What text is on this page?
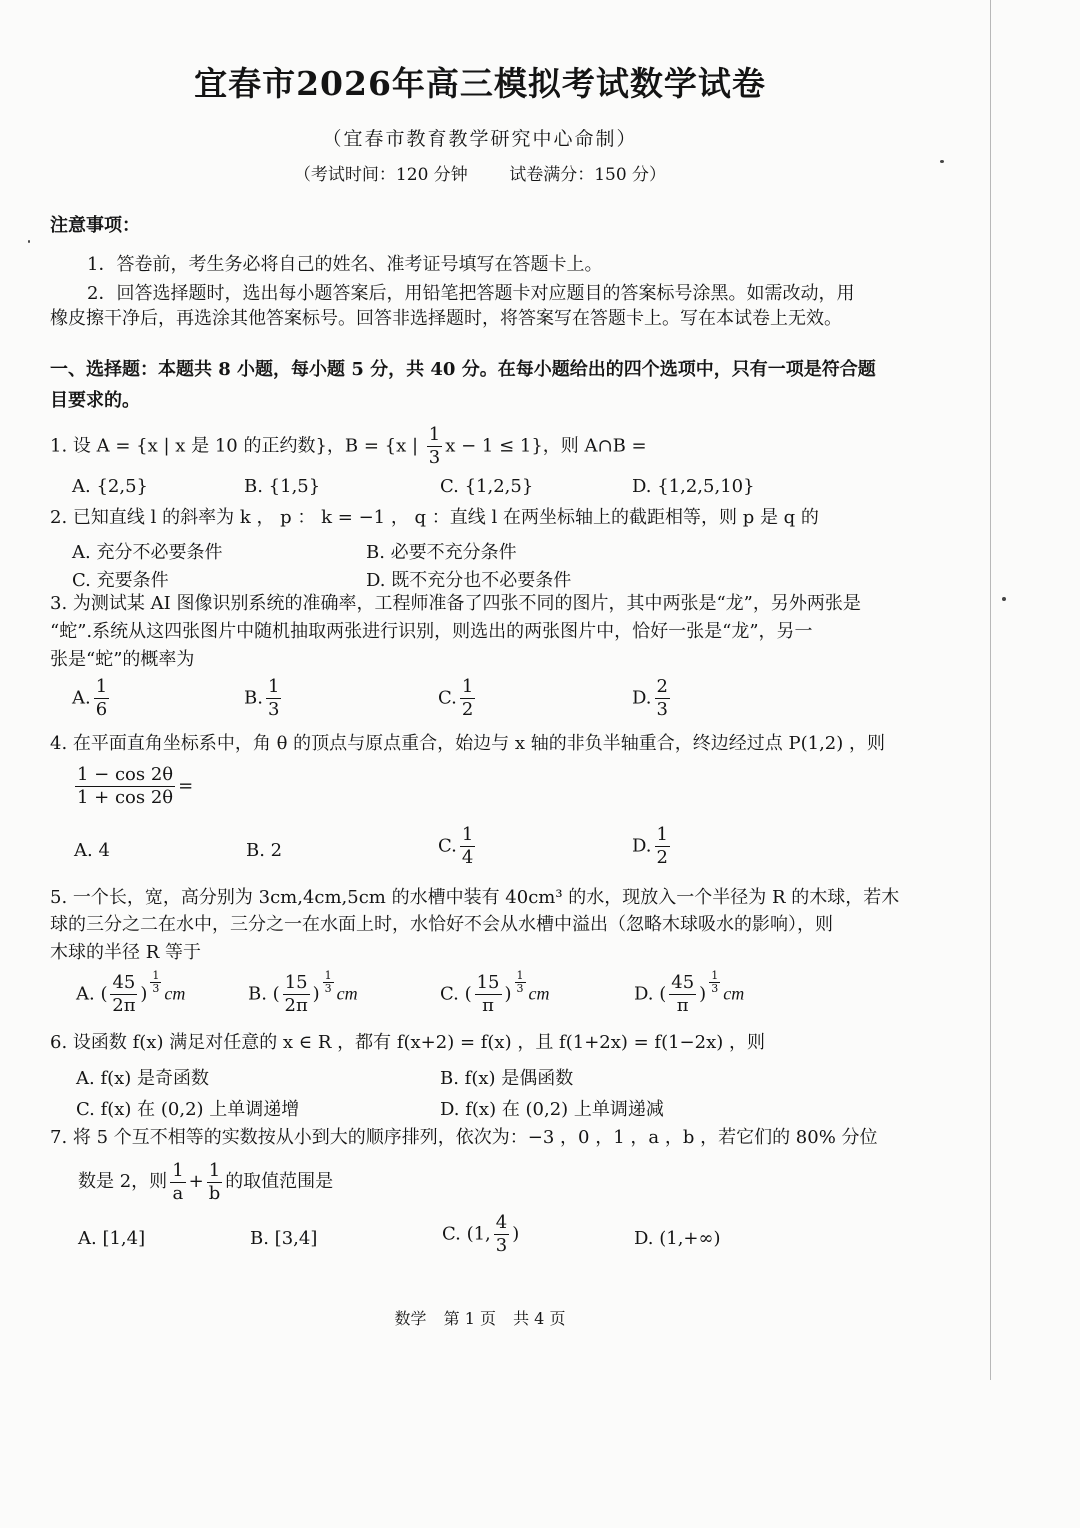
宜春市2026年高三模拟考试数学试卷
（宜春市教育教学研究中心命制）
（考试时间：120 分钟 试卷满分：150 分）
注意事项：
1．答卷前，考生务必将自己的姓名、准考证号填写在答题卡上。
2．回答选择题时，选出每小题答案后，用铅笔把答题卡对应题目的答案标号涂黑。如需改动，用
橡皮擦干净后，再选涂其他答案标号。回答非选择题时，将答案写在答题卡上。写在本试卷上无效。
一、选择题：本题共 8 小题，每小题 5 分，共 40 分。在每小题给出的四个选项中，只有一项是符合题
目要求的。
1. 设 A = {x | x 是 10 的正约数}，B = {x | $\frac{1}{3}$ x − 1 ≤ 1}，则 A∩B =
A. {2,5}	B. {1,5}	C. {1,2,5}	D. {1,2,5,10}
2. 已知直线 l 的斜率为 k ， p ： k = −1 ， q ：直线 l 在两坐标轴上的截距相等，则 p 是 q 的
A. 充分不必要条件	B. 必要不充分条件
C. 充要条件	D. 既不充分也不必要条件
3. 为测试某 AI 图像识别系统的准确率，工程师准备了四张不同的图片，其中两张是“龙”，另外两张是
“蛇”.系统从这四张图片中随机抽取两张进行识别，则选出的两张图片中，恰好一张是“龙”，另一
张是“蛇”的概率为
A. $\frac{1}{6}$	B. $\frac{1}{3}$	C. $\frac{1}{2}$	D. $\frac{2}{3}$
4. 在平面直角坐标系中，角 θ 的顶点与原点重合，始边与 x 轴的非负半轴重合，终边经过点 P(1,2) ，则
$\frac{1 - \cos 2\theta}{1 + \cos 2\theta}$ =
A. 4	B. 2	C. $\frac{1}{4}$	D. $\frac{1}{2}$
5. 一个长，宽，高分别为 3cm,4cm,5cm 的水槽中装有 40cm³ 的水，现放入一个半径为 R 的木球，若木
球的三分之二在水中，三分之一在水面上时，水恰好不会从水槽中溢出（忽略木球吸水的影响），则
木球的半径 R 等于
A. ( $\frac{45}{2\pi}$ ) $\frac{1}{3}$ cm	B. ( $\frac{15}{2\pi}$ ) $\frac{1}{3}$ cm	C. ( $\frac{15}{\pi}$ ) $\frac{1}{3}$ cm	D. ( $\frac{45}{\pi}$ ) $\frac{1}{3}$ cm
6. 设函数 f(x) 满足对任意的 x ∈ R ，都有 f(x+2) = f(x) ，且 f(1+2x) = f(1−2x) ，则
A. f(x) 是奇函数	B. f(x) 是偶函数
C. f(x) 在 (0,2) 上单调递增	D. f(x) 在 (0,2) 上单调递减
7. 将 5 个互不相等的实数按从小到大的顺序排列，依次为：−3 ，0 ，1 ，a ，b ，若它们的 80% 分位
数是 2，则 $\frac{1}{a} + \frac{1}{b}$ 的取值范围是
A. [1,4]	B. [3,4]	C. (1, $\frac{4}{3}$ )	D. (1,+∞)
数学 第 1 页 共 4 页
